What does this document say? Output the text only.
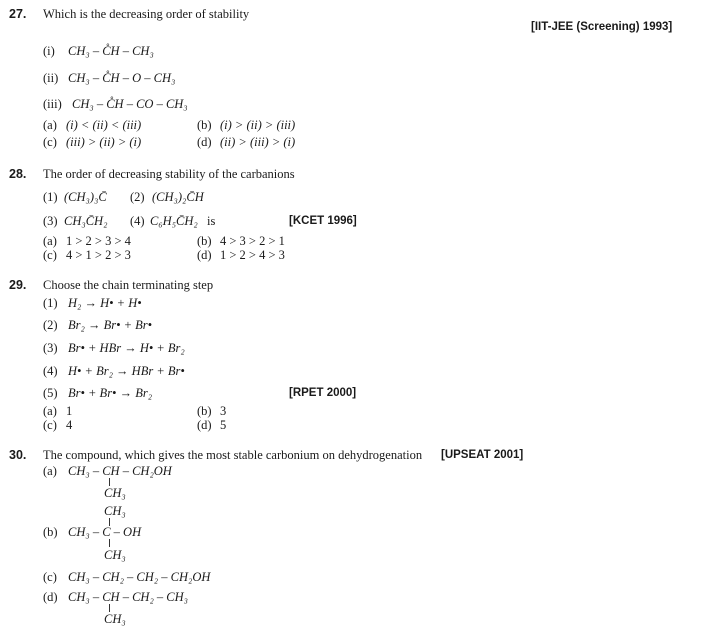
27. Which is the decreasing order of stability
[IIT-JEE (Screening) 1993]
(i) CH₃ – C̊H – CH₃
(ii) CH₃ – C̊H – O – CH₃
(iii) CH₃ – C̊H – CO – CH₃
(a) (i) < (ii) < (iii)	(b) (i) > (ii) > (iii)
(c) (iii) > (ii) > (i)	(d) (ii) > (iii) > (i)
28. The order of decreasing stability of the carbanions
(1) (CH₃)₃C̄ (2) (CH₃)₂C̄H
(3) CH₃C̄H₂ (4) C₆H₅C̄H₂ is	[KCET 1996]
(a) 1 > 2 > 3 > 4	(b) 4 > 3 > 2 > 1
(c) 4 > 1 > 2 > 3	(d) 1 > 2 > 4 > 3
29. Choose the chain terminating step
(1) H₂ → H• + H•
(2) Br₂ → Br• + Br•
(3) Br• + HBr → H• + Br₂
(4) H• + Br₂ → HBr + Br•
(5) Br• + Br• → Br₂	[RPET 2000]
(a) 1	(b) 3
(c) 4	(d) 5
30. The compound, which gives the most stable carbonium on dehydrogenation [UPSEAT 2001]
(a) CH₃ – CH – CH₂OH
CH₃
CH₃
(b) CH₃ – C – OH
CH₃
(c) CH₃ – CH₂ – CH₂ – CH₂OH
(d) CH₃ – CH – CH₂ – CH₃
CH₃
